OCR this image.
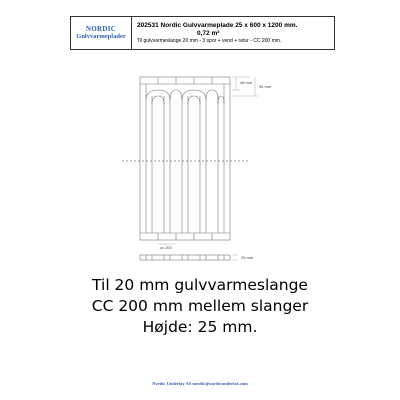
NORDIC
Gulvvarmeplader
202531 Nordic Gulvvarmeplade 25 x 600 x 1200 mm.
0,72 m²
Til gulvvarmeslange 20 mm - 3 spor + vend + retur - CC 200 mm.
48 mm
96 mm
cc 200
25 mm
Til 20 mm gulvvarmeslange
CC 200 mm mellem slanger
Højde: 25 mm.
Nordic Underlay AS nordic@nordicunderlay.com
